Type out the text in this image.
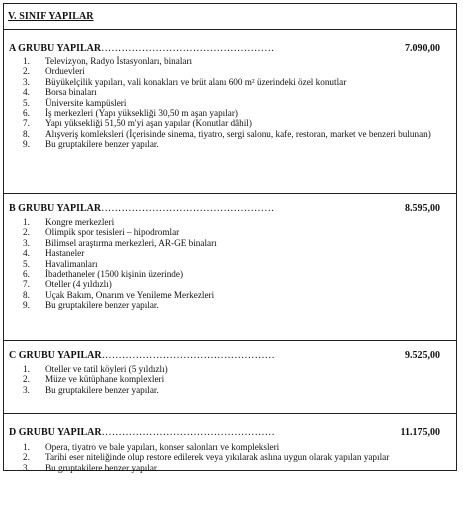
V. SINIF YAPILAR
A GRUBU YAPILAR……………………………………………	7.090,00
1.	Televizyon, Radyo İstasyonları, binaları
2.	Orduevleri
3.	Büyükelçilik yapıları, vali konakları ve brüt alanı 600 m² üzerindeki özel konutlar
4.	Borsa binaları
5.	Üniversite kampüsleri
6.	İş merkezleri (Yapı yüksekliği 30,50 m aşan yapılar)
7.	Yapı yüksekliği 51,50 m'yi aşan yapılar (Konutlar dâhil)
8.	Alışveriş komleksleri (İçerisinde sinema, tiyatro, sergi salonu, kafe, restoran, market ve benzeri bulunan)
9.	Bu gruptakilere benzer yapılar.
B GRUBU YAPILAR……………………………………………	8.595,00
1.	Kongre merkezleri
2.	Olimpik spor tesisleri – hipodromlar
3.	Bilimsel araştırma merkezleri, AR-GE binaları
4.	Hastaneler
5.	Havalimanları
6.	İbadethaneler (1500 kişinin üzerinde)
7.	Oteller (4 yıldızlı)
8.	Uçak Bakım, Onarım ve Yenileme Merkezleri
9.	Bu gruptakilere benzer yapılar.
C GRUBU YAPILAR……………………………………………	9.525,00
1.	Oteller ve tatil köyleri (5 yıldızlı)
2.	Müze ve kütüphane komplexleri
3.	Bu gruptakilere benzer yapılar.
D GRUBU YAPILAR……………………………………………	11.175,00
1.	Opera, tiyatro ve bale yapıları, konser salonları ve kompleksleri
2.	Tarihi eser niteliğinde olup restore edilerek veya yıkılarak aslına uygun olarak yapılan yapılar
3.	Bu gruptakilere benzer yapılar.
